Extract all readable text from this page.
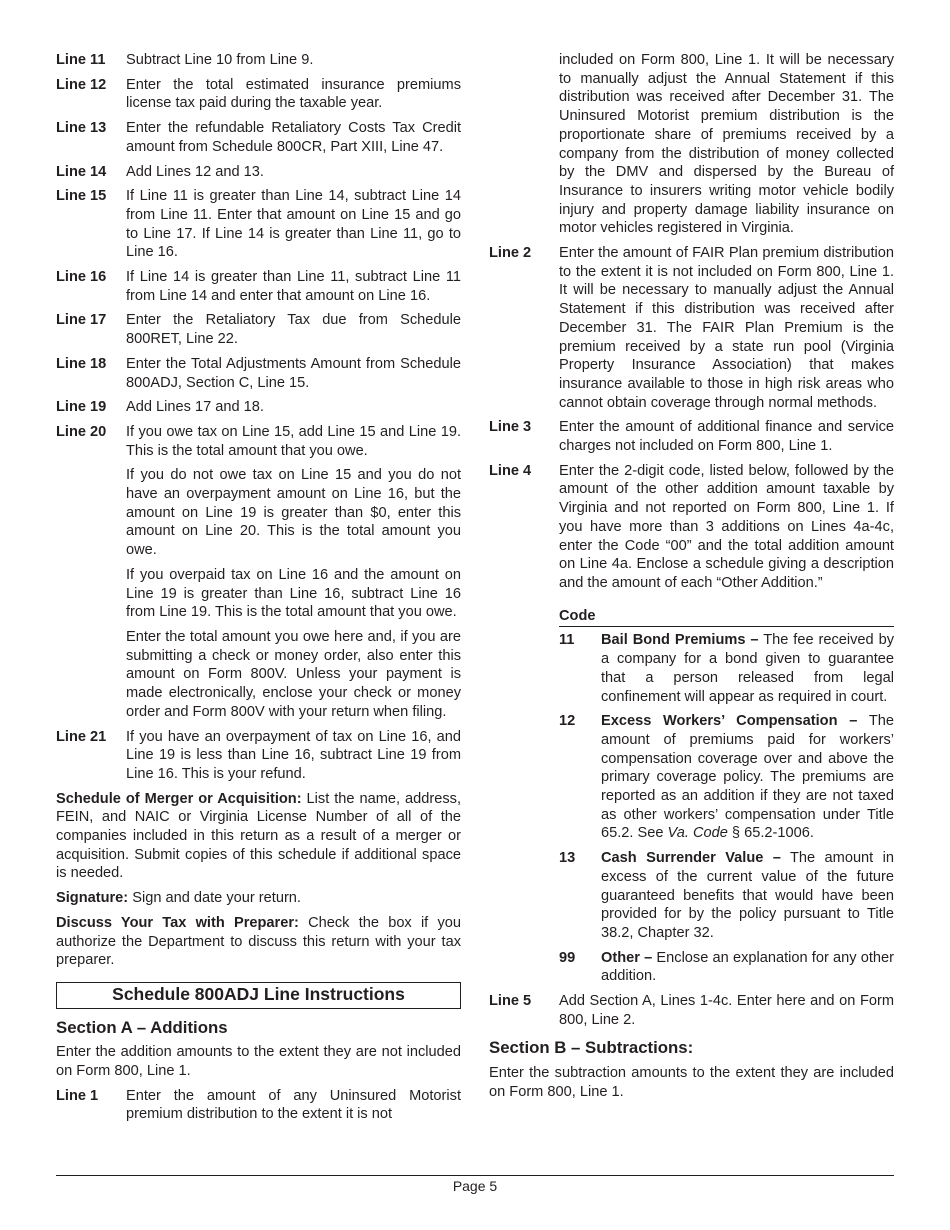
Line 11	Subtract Line 10 from Line 9.
Line 12	Enter the total estimated insurance premiums license tax paid during the taxable year.
Line 13	Enter the refundable Retaliatory Costs Tax Credit amount from Schedule 800CR, Part XIII, Line 47.
Line 14	Add Lines 12 and 13.
Line 15	If Line 11 is greater than Line 14, subtract Line 14 from Line 11. Enter that amount on Line 15 and go to Line 17. If Line 14 is greater than Line 11, go to Line 16.
Line 16	If Line 14 is greater than Line 11, subtract Line 11 from Line 14 and enter that amount on Line 16.
Line 17	Enter the Retaliatory Tax due from Schedule 800RET, Line 22.
Line 18	Enter the Total Adjustments Amount from Schedule 800ADJ, Section C, Line 15.
Line 19	Add Lines 17 and 18.
Line 20	If you owe tax on Line 15, add Line 15 and Line 19. This is the total amount that you owe.
If you do not owe tax on Line 15 and you do not have an overpayment amount on Line 16, but the amount on Line 19 is greater than $0, enter this amount on Line 20. This is the total amount you owe.
If you overpaid tax on Line 16 and the amount on Line 19 is greater than Line 16, subtract Line 16 from Line 19. This is the total amount that you owe.
Enter the total amount you owe here and, if you are submitting a check or money order, also enter this amount on Form 800V. Unless your payment is made electronically, enclose your check or money order and Form 800V with your return when filing.
Line 21	If you have an overpayment of tax on Line 16, and Line 19 is less than Line 16, subtract Line 19 from Line 16. This is your refund.
Schedule of Merger or Acquisition: List the name, address, FEIN, and NAIC or Virginia License Number of all of the companies included in this return as a result of a merger or acquisition. Submit copies of this schedule if additional space is needed.
Signature: Sign and date your return.
Discuss Your Tax with Preparer: Check the box if you authorize the Department to discuss this return with your tax preparer.
Schedule 800ADJ Line Instructions
Section A – Additions
Enter the addition amounts to the extent they are not included on Form 800, Line 1.
Line 1	Enter the amount of any Uninsured Motorist premium distribution to the extent it is not
included on Form 800, Line 1. It will be necessary to manually adjust the Annual Statement if this distribution was received after December 31. The Uninsured Motorist premium distribution is the proportionate share of premiums received by a company from the distribution of money collected by the DMV and dispersed by the Bureau of Insurance to insurers writing motor vehicle bodily injury and property damage liability insurance on motor vehicles registered in Virginia.
Line 2	Enter the amount of FAIR Plan premium distribution to the extent it is not included on Form 800, Line 1. It will be necessary to manually adjust the Annual Statement if this distribution was received after December 31. The FAIR Plan Premium is the premium received by a state run pool (Virginia Property Insurance Association) that makes insurance available to those in high risk areas who cannot obtain coverage through normal methods.
Line 3	Enter the amount of additional finance and service charges not included on Form 800, Line 1.
Line 4	Enter the 2-digit code, listed below, followed by the amount of the other addition amount taxable by Virginia and not reported on Form 800, Line 1. If you have more than 3 additions on Lines 4a-4c, enter the Code “00” and the total addition amount on Line 4a. Enclose a schedule giving a description and the amount of each “Other Addition.”
Code
11	Bail Bond Premiums – The fee received by a company for a bond given to guarantee that a person released from legal confinement will appear as required in court.
12	Excess Workers’ Compensation – The amount of premiums paid for workers’ compensation coverage over and above the primary coverage policy. The premiums are reported as an addition if they are not taxed as other workers’ compensation under Title 65.2. See Va. Code § 65.2-1006.
13	Cash Surrender Value – The amount in excess of the current value of the future guaranteed benefits that would have been provided for by the policy pursuant to Title 38.2, Chapter 32.
99	Other – Enclose an explanation for any other addition.
Line 5	Add Section A, Lines 1-4c. Enter here and on Form 800, Line 2.
Section B – Subtractions:
Enter the subtraction amounts to the extent they are included on Form 800, Line 1.
Page 5
